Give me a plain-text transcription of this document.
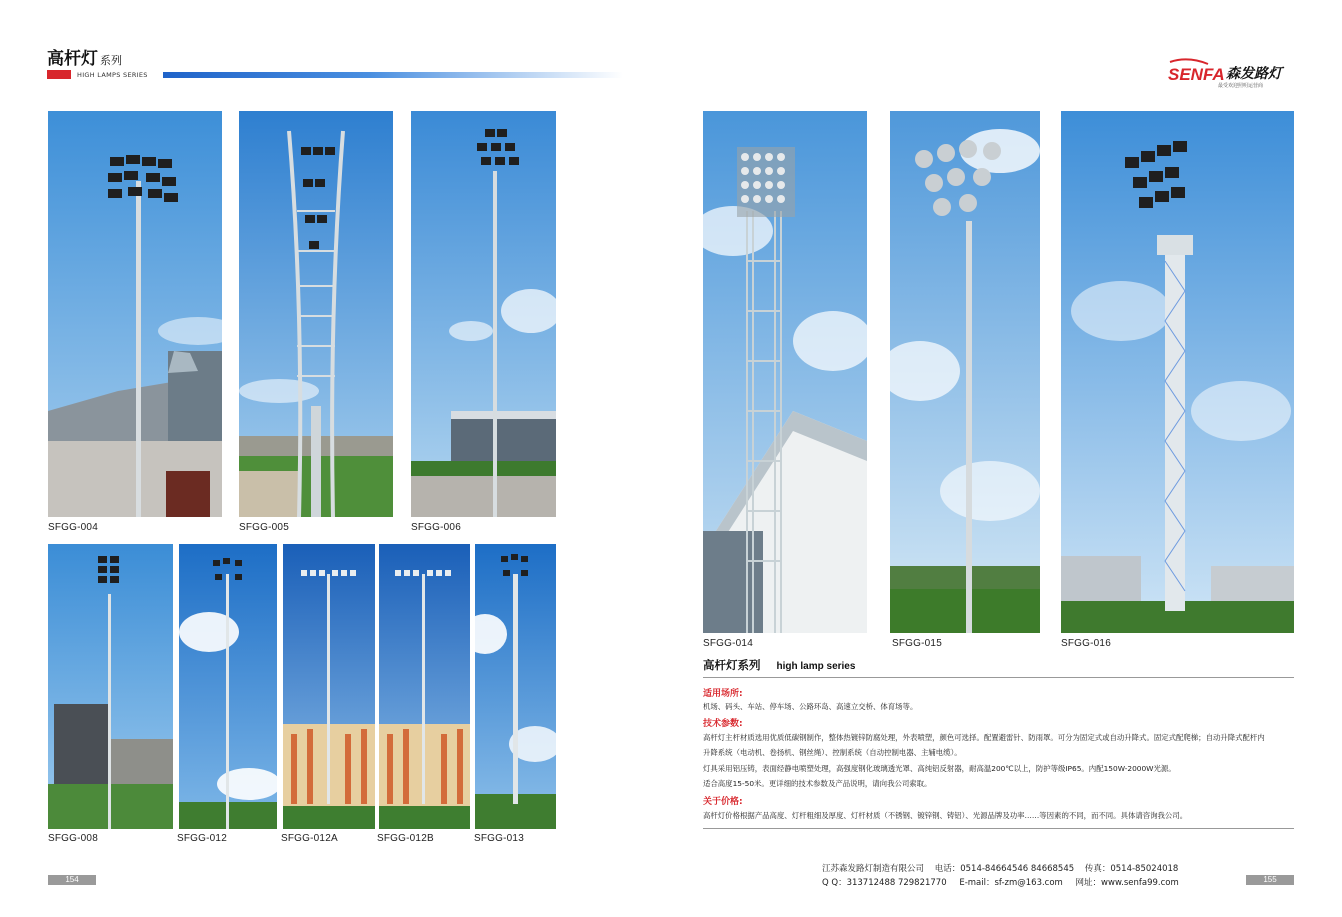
高杆灯 系列
HIGH LAMPS SERIES	SENFA 森发路灯
最受欢迎照明运营商
SFGG-004	SFGG-005	SFGG-006
SFGG-008	SFGG-012	SFGG-012A	SFGG-012B	SFGG-013
SFGG-014	SFGG-015	SFGG-016
高杆灯系列 high lamp series
适用场所:
机场、码头、车站、停车场、公路环岛、高速立交桥、体育场等。
技术参数:
高杆灯主杆材质选用优质低碳钢制作，整体热镀锌防腐处理，外表喷塑，颜色可选择。配置避雷针、防雨罩。可分为固定式或自动升降式。固定式配爬梯；自动升降式配杆内
升降系统（电动机、卷扬机、钢丝绳）、控制系统（自动控制电器、主辅电缆）。
灯具采用铝压铸，表面经静电喷塑处理，高强度钢化玻璃透光罩、高纯铝反射器，耐高温200℃以上，防护等级IP65。内配150W-2000W光源。
适合高度15-50米。更详细的技术参数及产品说明，请向我公司索取。
关于价格:
高杆灯价格根据产品高度、灯杆粗细及厚度、灯杆材质（不锈钢、镀锌钢、铸铝）、光源品牌及功率……等因素的不同，而不同。具体请咨询我公司。
江苏森发路灯制造有限公司 电话：0514-84664546 84668545 传真：0514-85024018
Q Q：313712488 729821770 E-mail：sf-zm@163.com 网址：www.senfa99.com
154	155
